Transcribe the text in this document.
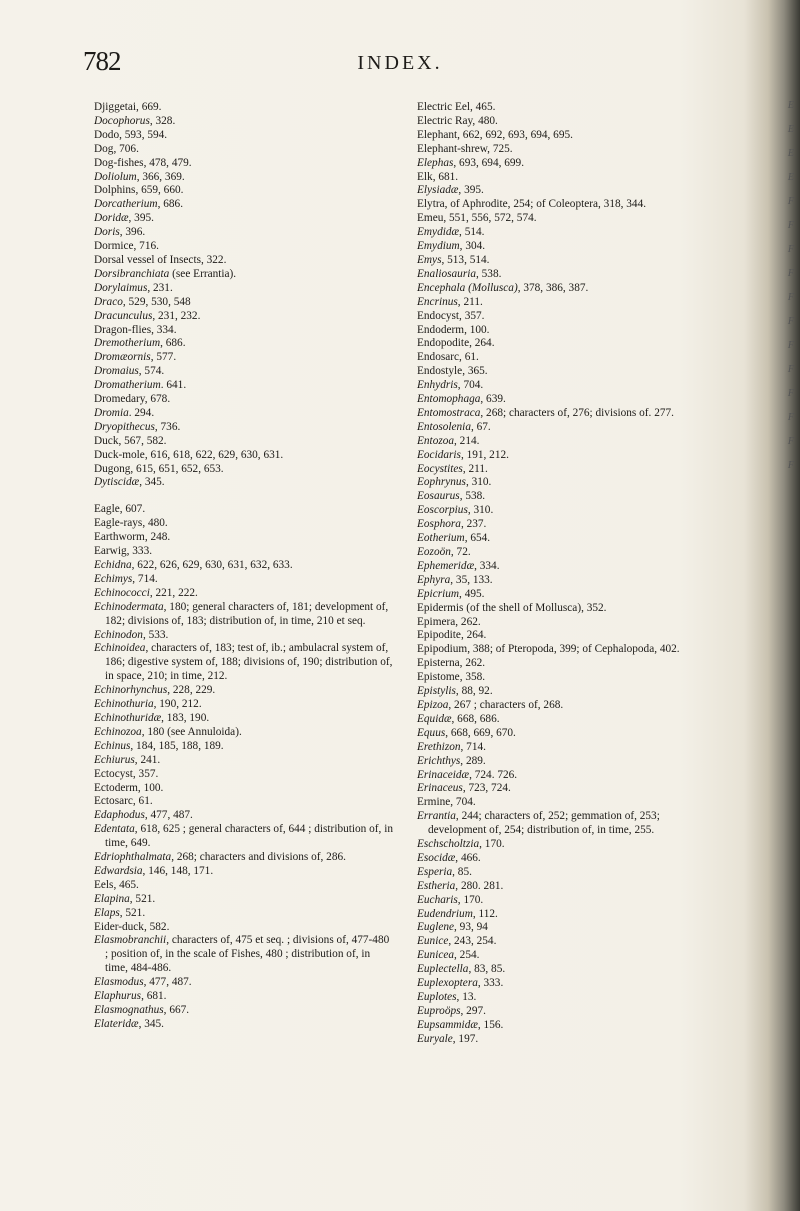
782	INDEX.

Djiggetai, 669.

Docophorus, 328.

Dodo, 593, 594.

Dog, 706.

Dog-fishes, 478, 479.

Doliolum, 366, 369.

Dolphins, 659, 660.

Dorcatherium, 686.

Doridæ, 395.

Doris, 396.

Dormice, 716.

Dorsal vessel of Insects, 322.

Dorsibranchiata (see Errantia).

Dorylaimus, 231.

Draco, 529, 530, 548

Dracunculus, 231, 232.

Dragon-flies, 334.

Dremotherium, 686.

Dromæornis, 577.

Dromaius, 574.

Dromatherium. 641.

Dromedary, 678.

Dromia. 294.

Dryopithecus, 736.

Duck, 567, 582.

Duck-mole, 616, 618, 622, 629, 630, 631.

Dugong, 615, 651, 652, 653.

Dytiscidæ, 345.

Eagle, 607.

Eagle-rays, 480.

Earthworm, 248.

Earwig, 333.

Echidna, 622, 626, 629, 630, 631, 632, 633.

Echimys, 714.

Echinococci, 221, 222.

Echinodermata, 180; general characters of, 181; development of, 182; divisions of, 183; distribution of, in time, 210 et seq.

Echinodon, 533.

Echinoidea, characters of, 183; test of, ib.; ambulacral system of, 186; digestive system of, 188; divisions of, 190; distribution of, in space, 210; in time, 212.

Echinorhynchus, 228, 229.

Echinothuria, 190, 212.

Echinothuridæ, 183, 190.

Echinozoa, 180 (see Annuloida).

Echinus, 184, 185, 188, 189.

Echiurus, 241.

Ectocyst, 357.

Ectoderm, 100.

Ectosarc, 61.

Edaphodus, 477, 487.

Edentata, 618, 625 ; general characters of, 644 ; distribution of, in time, 649.

Edriophthalmata, 268; characters and divisions of, 286.

Edwardsia, 146, 148, 171.

Eels, 465.

Elapina, 521.

Elaps, 521.

Eider-duck, 582.

Elasmobranchii, characters of, 475 et seq. ; divisions of, 477-480 ; position of, in the scale of Fishes, 480 ; distribution of, in time, 484-486.

Elasmodus, 477, 487.

Elaphurus, 681.

Elasmognathus, 667.

Elateridæ, 345.

Electric Eel, 465.

Electric Ray, 480.

Elephant, 662, 692, 693, 694, 695.

Elephant-shrew, 725.

Elephas, 693, 694, 699.

Elk, 681.

Elysiadæ, 395.

Elytra, of Aphrodite, 254; of Coleoptera, 318, 344.

Emeu, 551, 556, 572, 574.

Emydidæ, 514.

Emydium, 304.

Emys, 513, 514.

Enaliosauria, 538.

Encephala (Mollusca), 378, 386, 387.

Encrinus, 211.

Endocyst, 357.

Endoderm, 100.

Endopodite, 264.

Endosarc, 61.

Endostyle, 365.

Enhydris, 704.

Entomophaga, 639.

Entomostraca, 268; characters of, 276; divisions of. 277.

Entosolenia, 67.

Entozoa, 214.

Eocidaris, 191, 212.

Eocystites, 211.

Eophrynus, 310.

Eosaurus, 538.

Eoscorpius, 310.

Eosphora, 237.

Eotherium, 654.

Eozoön, 72.

Ephemeridæ, 334.

Ephyra, 35, 133.

Epicrium, 495.

Epidermis (of the shell of Mollusca), 352.

Epimera, 262.

Epipodite, 264.

Epipodium, 388; of Pteropoda, 399; of Cephalopoda, 402.

Episterna, 262.

Epistome, 358.

Epistylis, 88, 92.

Epizoa, 267 ; characters of, 268.

Equidæ, 668, 686.

Equus, 668, 669, 670.

Erethizon, 714.

Erichthys, 289.

Erinaceidæ, 724. 726.

Erinaceus, 723, 724.

Ermine, 704.

Errantia, 244; characters of, 252; gemmation of, 253; development of, 254; distribution of, in time, 255.

Eschscholtzia, 170.

Esocidæ, 466.

Esperia, 85.

Estheria, 280. 281.

Eucharis, 170.

Eudendrium, 112.

Euglene, 93, 94

Eunice, 243, 254.

Eunicea, 254.

Euplectella, 83, 85.

Euplexoptera, 333.

Euplotes, 13.

Euproöps, 297.

Eupsammidæ, 156.

Euryale, 197.

E
E
E
E
F
F
F
F
F
F
F
F
F
F
F
F
